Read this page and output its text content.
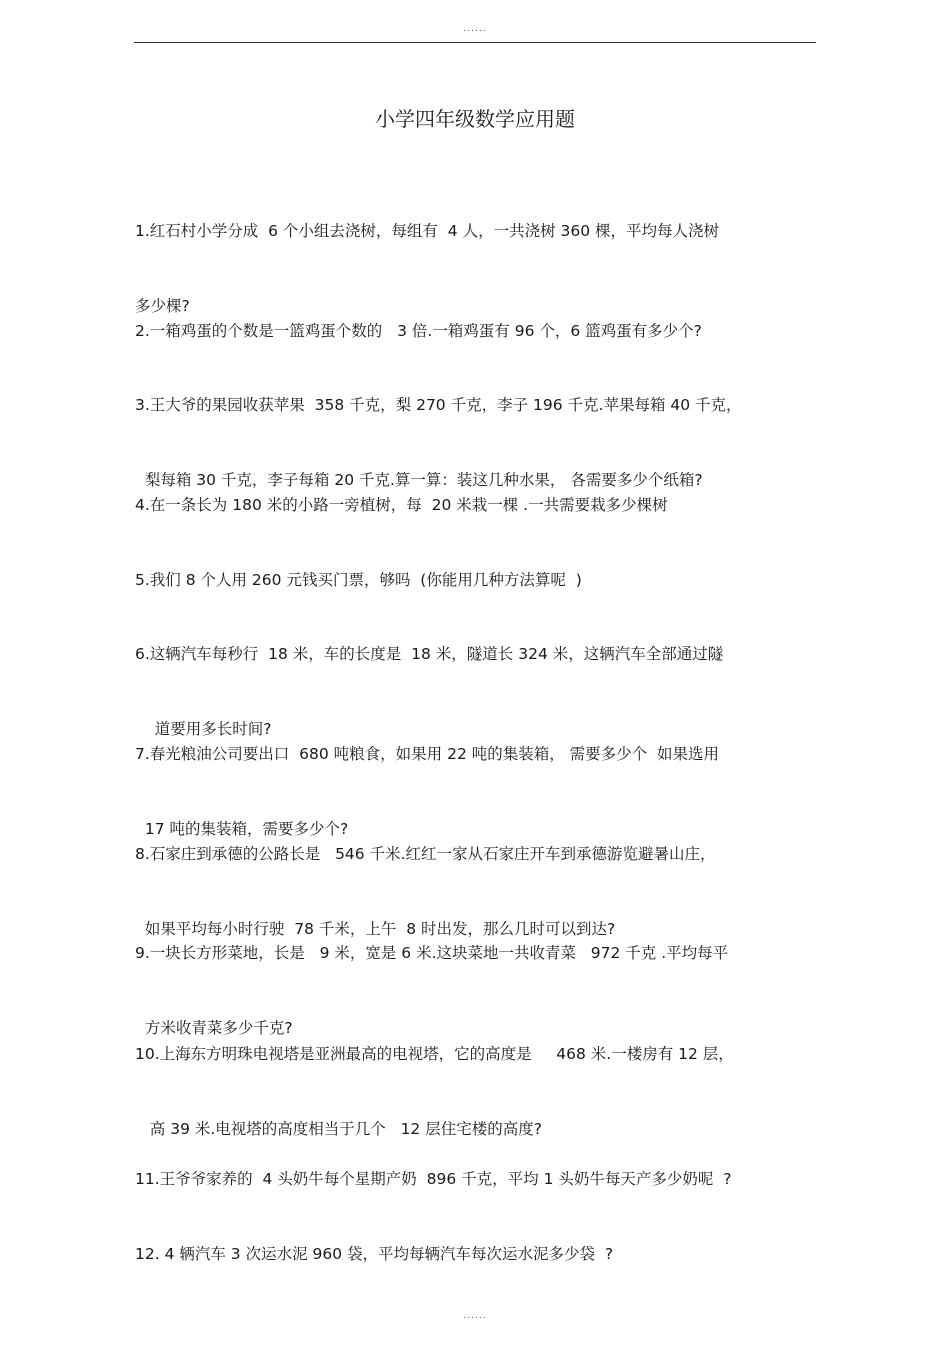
......
小学四年级数学应用题

1.红石村小学分成  6 个小组去浇树，每组有  4 人，一共浇树 360 棵，平均每人浇树

多少棵?

2.一箱鸡蛋的个数是一篮鸡蛋个数的   3 倍.一箱鸡蛋有 96 个，6 篮鸡蛋有多少个?

3.王大爷的果园收获苹果  358 千克，梨 270 千克，李子 196 千克.苹果每箱 40 千克，

梨每箱 30 千克，李子每箱 20 千克.算一算：装这几种水果， 各需要多少个纸箱?

4.在一条长为 180 米的小路一旁植树，每  20 米栽一棵 .一共需要栽多少棵树

5.我们 8 个人用 260 元钱买门票，够吗  (你能用几种方法算呢  )

6.这辆汽车每秒行  18 米，车的长度是  18 米，隧道长 324 米，这辆汽车全部通过隧

道要用多长时间?

7.春光粮油公司要出口  680 吨粮食，如果用 22 吨的集装箱， 需要多少个  如果选用

17 吨的集装箱，需要多少个?

8.石家庄到承德的公路长是   546 千米.红红一家从石家庄开车到承德游览避暑山庄，

如果平均每小时行驶  78 千米，上午  8 时出发，那么几时可以到达?

9.一块长方形菜地，长是   9 米，宽是 6 米.这块菜地一共收青菜   972 千克 .平均每平

方米收青菜多少千克?

10.上海东方明珠电视塔是亚洲最高的电视塔，它的高度是     468 米.一楼房有 12 层，

高 39 米.电视塔的高度相当于几个   12 层住宅楼的高度?

11.王爷爷家养的  4 头奶牛每个星期产奶  896 千克，平均 1 头奶牛每天产多少奶呢  ?

12. 4 辆汽车 3 次运水泥 960 袋，平均每辆汽车每次运水泥多少袋  ?

......
